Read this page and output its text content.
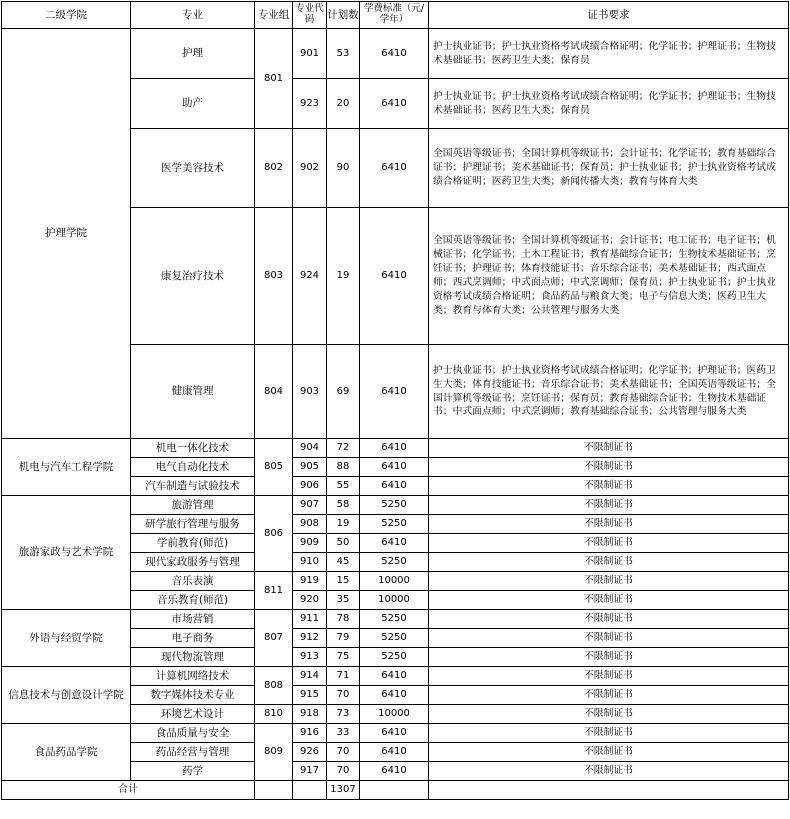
二级学院	专业	专业组	专业代码	计划数	学费标准（元/学年）	证书要求
护理学院	护理	801	901	53	6410	护士执业证书；护士执业资格考试成绩合格证明；化学证书；护理证书；生物技术基础证书；医药卫生大类；保育员
	助产		923	20	6410	护士执业证书；护士执业资格考试成绩合格证明；化学证书；护理证书；生物技术基础证书；医药卫生大类；保育员
	医学美容技术	802	902	90	6410	全国英语等级证书；全国计算机等级证书；会计证书；化学证书；教育基础综合证书；护理证书；美术基础证书；保育员；护士执业证书；护士执业资格考试成绩合格证明；医药卫生大类；新闻传播大类；教育与体育大类
	康复治疗技术	803	924	19	6410	全国英语等级证书；全国计算机等级证书；会计证书；电工证书；电子证书；机械证书；化学证书；土木工程证书；教育基础综合证书；生物技术基础证书；烹饪证书；护理证书；体育技能证书；音乐综合证书；美术基础证书；西式面点师；西式烹调师；中式面点师；中式烹调师；保育员；护士执业证书；护士执业资格考试成绩合格证明；食品药品与粮食大类；电子与信息大类；医药卫生大类；教育与体育大类；公共管理与服务大类
	健康管理	804	903	69	6410	护士执业证书；护士执业资格考试成绩合格证明；化学证书；护理证书；医药卫生大类；体育技能证书；音乐综合证书；美术基础证书；全国英语等级证书；全国计算机等级证书；烹饪证书；保育员；教育基础综合证书；生物技术基础证书；中式面点师；中式烹调师；教育基础综合证书；公共管理与服务大类
机电与汽车工程学院	机电一体化技术	805	904	72	6410	不限制证书
	电气自动化技术		905	88	6410	不限制证书
	汽车制造与试验技术		906	55	6410	不限制证书
旅游家政与艺术学院	旅游管理	806	907	58	5250	不限制证书
	研学旅行管理与服务		908	19	5250	不限制证书
	学前教育(师范)		909	50	6410	不限制证书
	现代家政服务与管理		910	45	5250	不限制证书
	音乐表演	811	919	15	10000	不限制证书
	音乐教育(师范)		920	35	10000	不限制证书
外语与经贸学院	市场营销	807	911	78	5250	不限制证书
	电子商务		912	79	5250	不限制证书
	现代物流管理		913	75	5250	不限制证书
信息技术与创意设计学院	计算机网络技术	808	914	71	6410	不限制证书
	数字媒体技术专业		915	70	6410	不限制证书
	环境艺术设计	810	918	73	10000	不限制证书
食品药品学院	食品质量与安全	809	916	33	6410	不限制证书
	药品经营与管理		926	70	6410	不限制证书
	药学		917	70	6410	不限制证书
合计				1307		
